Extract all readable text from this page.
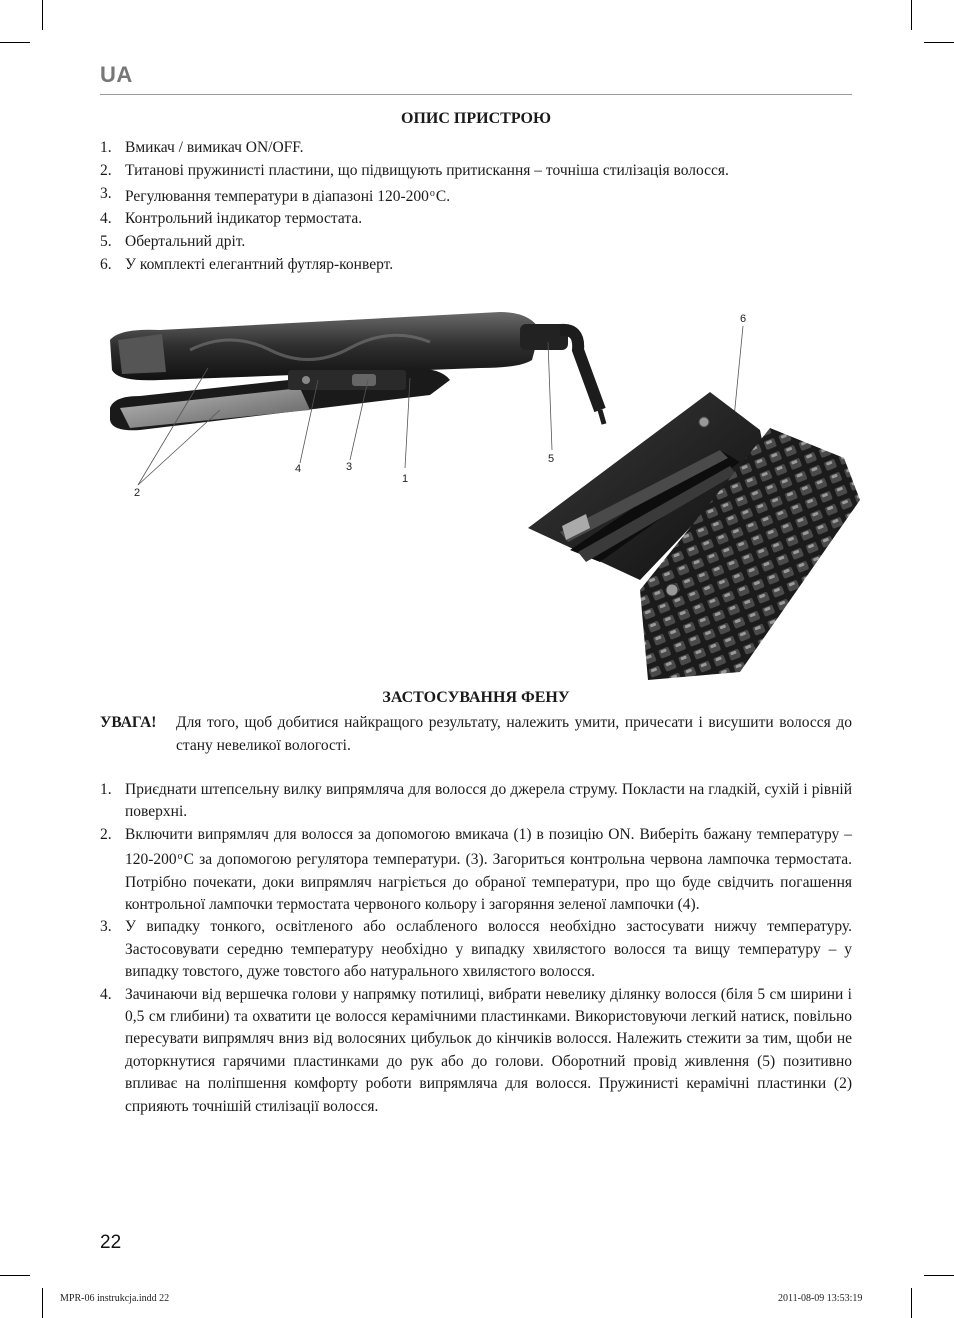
UA
ОПИС ПРИСТРОЮ
1. Вмикач / вимикач ON/OFF.
2. Титанові пружинисті пластини, що підвищують притискання – точніша стилізація волосся.
3. Регулювання температури в діапазоні 120-200$^o$C.
4. Контрольний індикатор термостата.
5. Обертальний дріт.
6. У комплекті елегантний футляр-конверт.
2
4	3
1
5
6
ЗАСТОСУВАННЯ ФЕНУ
УВАГА!	Для того, щоб добитися найкращого результату, належить умити, причесати і висушити волосся до стану невеликої вологості.
1. Приєднати штепсельну вилку випрямляча для волосся до джерела струму. Покласти на гладкій, сухій і рівній поверхні.
2. Включити випрямляч для волосся за допомогою вмикача (1) в позицію ON. Виберіть бажану температуру – 120-200$^o$C за допомогою регулятора температури. (3). Загориться контрольна червона лампочка термостата. Потрібно почекати, доки випрямляч нагріється до обраної температури, про що буде свідчить погашення контрольної лампочки термостата червоного кольору і загоряння зеленої лампочки (4).
3. У випадку тонкого, освітленого або ослабленого волосся необхідно застосувати нижчу температуру. Застосовувати середню температуру необхідно у випадку хвилястого волосся та вищу температуру – у випадку товстого, дуже товстого або натурального хвилястого волосся.
4. Зачинаючи від вершечка голови у напрямку потилиці, вибрати невелику ділянку волосся (біля 5 см ширини і 0,5 см глибини) та охватити це волосся керамічними пластинками. Використовуючи легкий натиск, повільно пересувати випрямляч вниз від волосяних цибульок до кінчиків волосся. Належить стежити за тим, щоби не доторкнутися гарячими пластинками до рук або до голови. Оборотний провід живлення (5) позитивно впливає на поліпшення комфорту роботи випрямляча для волосся. Пружинисті керамічні пластинки (2) сприяють точнішій стилізації волосся.
22
MPR-06 instrukcja.indd 22	2011-08-09 13:53:19
